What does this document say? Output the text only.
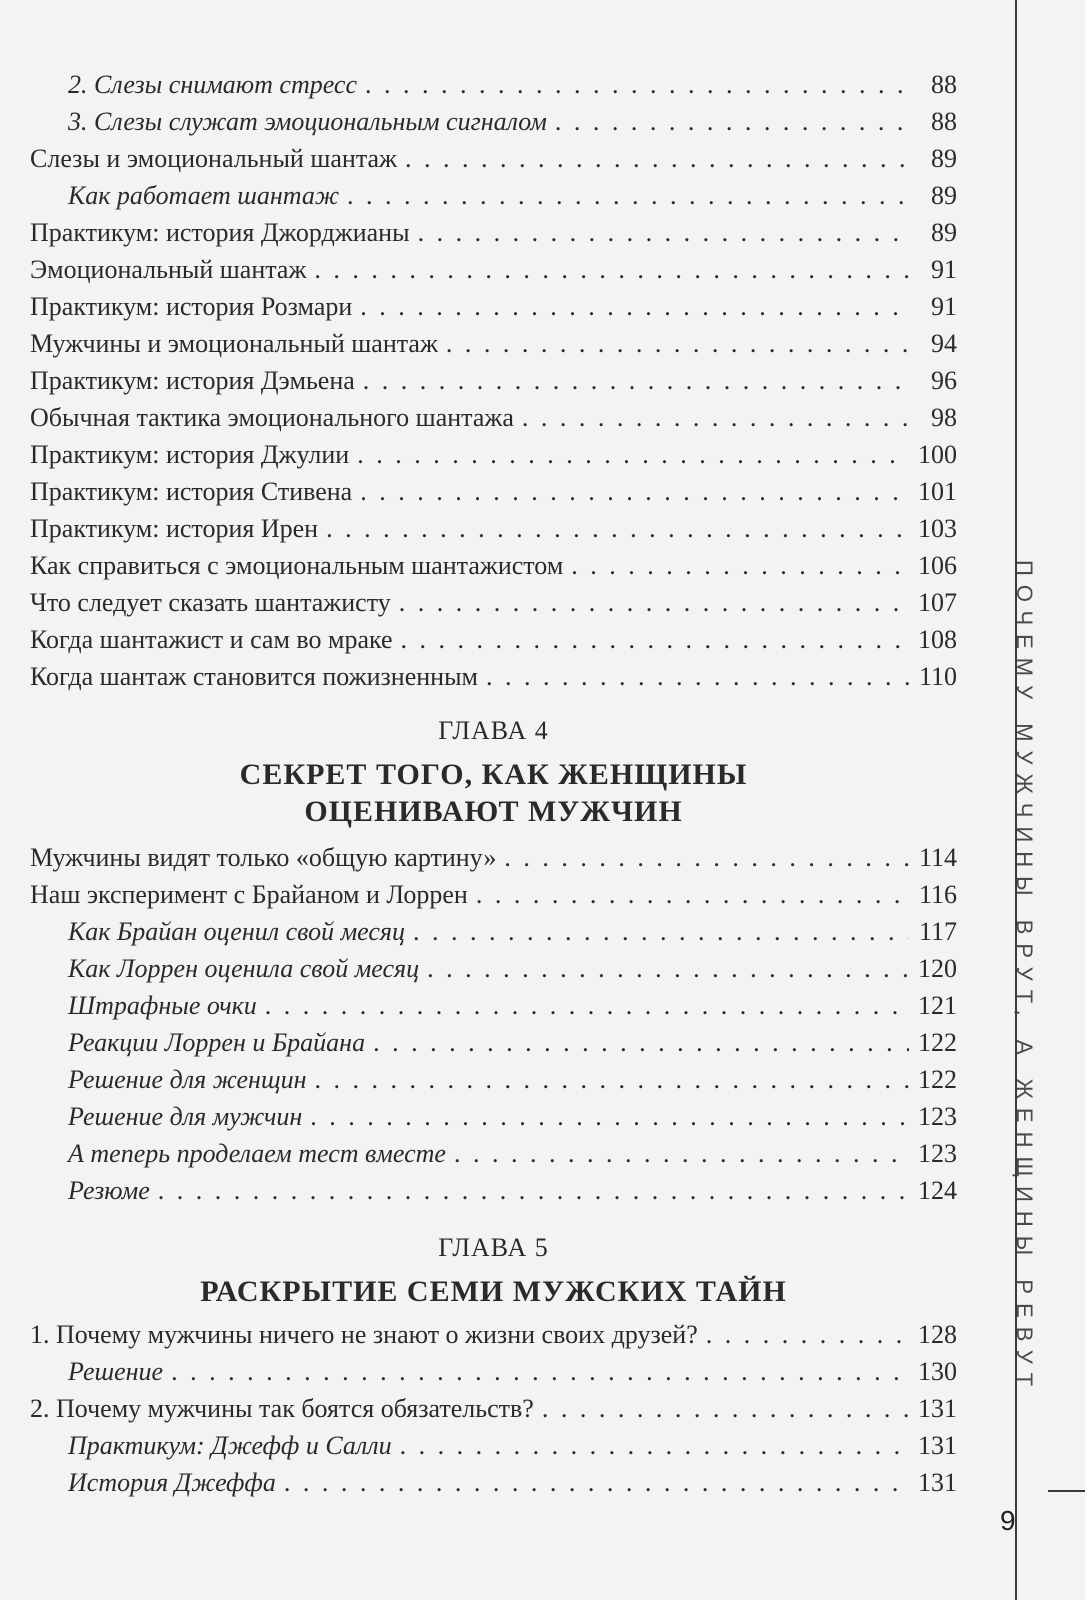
2. Слезы снимают стресс . . .	88
3. Слезы служат эмоциональным сигналом . . .	88
Слезы и эмоциональный шантаж . . .	89
Как работает шантаж . . .	89
Практикум: история Джорджианы . . .	89
Эмоциональный шантаж . . .	91
Практикум: история Розмари . . .	91
Мужчины и эмоциональный шантаж . . .	94
Практикум: история Дэмьена . . .	96
Обычная тактика эмоционального шантажа . . .	98
Практикум: история Джулии . . .	100
Практикум: история Стивена . . .	101
Практикум: история Ирен . . .	103
Как справиться с эмоциональным шантажистом . . .	106
Что следует сказать шантажисту . . .	107
Когда шантажист и сам во мраке . . .	108
Когда шантаж становится пожизненным . . .	110
ГЛАВА 4
СЕКРЕТ ТОГО, КАК ЖЕНЩИНЫ
ОЦЕНИВАЮТ МУЖЧИН
Мужчины видят только «общую картину» . . .	114
Наш эксперимент с Брайаном и Лоррен . . .	116
Как Брайан оценил свой месяц . . .	117
Как Лоррен оценила свой месяц . . .	120
Штрафные очки . . .	121
Реакции Лоррен и Брайана . . .	122
Решение для женщин . . .	122
Решение для мужчин . . .	123
А теперь проделаем тест вместе . . .	123
Резюме . . .	124
ГЛАВА 5
РАСКРЫТИЕ СЕМИ МУЖСКИХ ТАЙН
1. Почему мужчины ничего не знают о жизни своих друзей? . . .	128
Решение . . .	130
2. Почему мужчины так боятся обязательств? . . .	131
Практикум: Джефф и Салли . . .	131
История Джеффа . . .	131
ПОЧЕМУ МУЖЧИНЫ ВРУТ, А ЖЕНЩИНЫ РЕВУТ
9
